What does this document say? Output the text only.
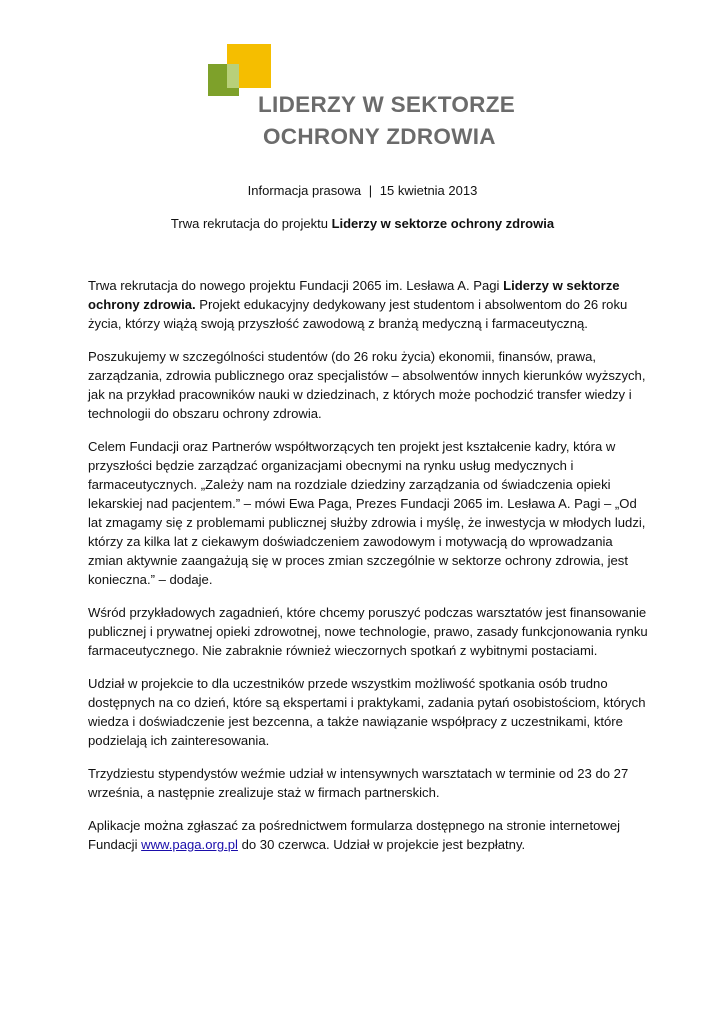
LIDERZY W SEKTORZE
OCHRONY ZDROWIA
Informacja prasowa | 15 kwietnia 2013
Trwa rekrutacja do projektu Liderzy w sektorze ochrony zdrowia

Trwa rekrutacja do nowego projektu Fundacji 2065 im. Lesława A. Pagi Liderzy w sektorze ochrony zdrowia. Projekt edukacyjny dedykowany jest studentom i absolwentom do 26 roku życia, którzy wiążą swoją przyszłość zawodową z branżą medyczną i farmaceutyczną.

Poszukujemy w szczególności studentów (do 26 roku życia) ekonomii, finansów, prawa, zarządzania, zdrowia publicznego oraz specjalistów – absolwentów innych kierunków wyższych, jak na przykład pracowników nauki w dziedzinach, z których może pochodzić transfer wiedzy i technologii do obszaru ochrony zdrowia.

Celem Fundacji oraz Partnerów współtworzących ten projekt jest kształcenie kadry, która w przyszłości będzie zarządzać organizacjami obecnymi na rynku usług medycznych i farmaceutycznych. „Zależy nam na rozdziale dziedziny zarządzania od świadczenia opieki lekarskiej nad pacjentem.” – mówi Ewa Paga, Prezes Fundacji 2065 im. Lesława A. Pagi – „Od lat zmagamy się z problemami publicznej służby zdrowia i myślę, że inwestycja w młodych ludzi, którzy za kilka lat z ciekawym doświadczeniem zawodowym i motywacją do wprowadzania zmian aktywnie zaangażują się w proces zmian szczególnie w sektorze ochrony zdrowia, jest konieczna.” – dodaje.

Wśród przykładowych zagadnień, które chcemy poruszyć podczas warsztatów jest finansowanie publicznej i prywatnej opieki zdrowotnej, nowe technologie, prawo, zasady funkcjonowania rynku farmaceutycznego. Nie zabraknie również wieczornych spotkań z wybitnymi postaciami.

Udział w projekcie to dla uczestników przede wszystkim możliwość spotkania osób trudno dostępnych na co dzień, które są ekspertami i praktykami, zadania pytań osobistościom, których wiedza i doświadczenie jest bezcenna, a także nawiązanie współpracy z uczestnikami, które podzielają ich zainteresowania.

Trzydziestu stypendystów weźmie udział w intensywnych warsztatach w terminie od 23 do 27 września, a następnie zrealizuje staż w firmach partnerskich.

Aplikacje można zgłaszać za pośrednictwem formularza dostępnego na stronie internetowej Fundacji www.paga.org.pl do 30 czerwca. Udział w projekcie jest bezpłatny.
